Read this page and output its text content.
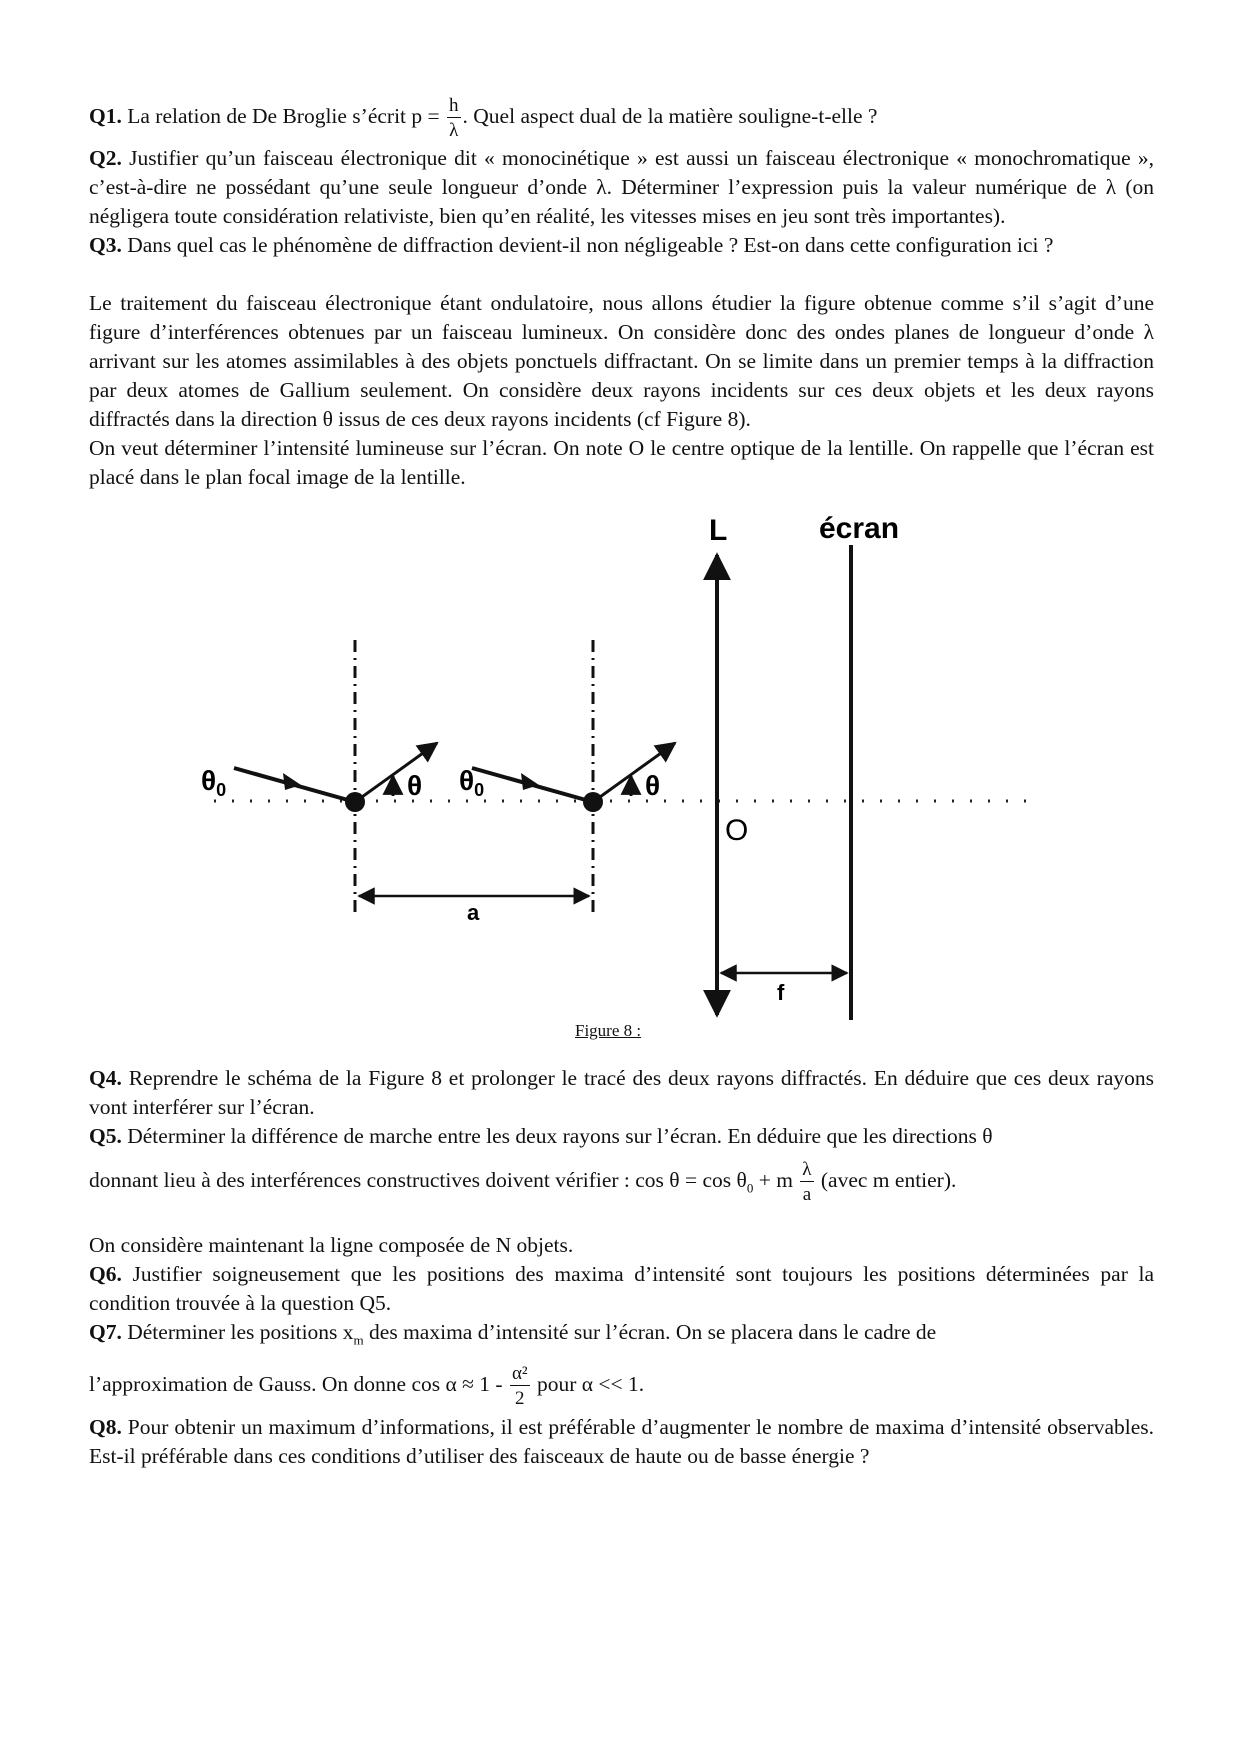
Q1. La relation de De Broglie s’écrit $p = \frac{h}{\lambda}$ . Quel aspect dual de la matière souligne-t-elle ?

Q2. Justifier qu’un faisceau électronique dit « monocinétique » est aussi un faisceau électronique « monochromatique », c’est-à-dire ne possédant qu’une seule longueur d’onde λ. Déterminer l’expression puis la valeur numérique de λ (on négligera toute considération relativiste, bien qu’en réalité, les vitesses mises en jeu sont très importantes).

Q3. Dans quel cas le phénomène de diffraction devient-il non négligeable ? Est-on dans cette configuration ici ?

Le traitement du faisceau électronique étant ondulatoire, nous allons étudier la figure obtenue comme s’il s’agit d’une figure d’interférences obtenues par un faisceau lumineux. On considère donc des ondes planes de longueur d’onde λ arrivant sur les atomes assimilables à des objets ponctuels diffractant. On se limite dans un premier temps à la diffraction par deux atomes de Gallium seulement. On considère deux rayons incidents sur ces deux objets et les deux rayons diffractés dans la direction θ issus de ces deux rayons incidents (cf Figure 8).

On veut déterminer l’intensité lumineuse sur l’écran. On note O le centre optique de la lentille. On rappelle que l’écran est placé dans le plan focal image de la lentille.

$\theta_0$	$\theta_0$
θ	θ
a
L
O
écran
f
Figure 8 :

Q4. Reprendre le schéma de la Figure 8 et prolonger le tracé des deux rayons diffractés. En déduire que ces deux rayons vont interférer sur l’écran.

Q5. Déterminer la différence de marche entre les deux rayons sur l’écran. En déduire que les directions θ

donnant lieu à des interférences constructives doivent vérifier : $\cos \theta = \cos \theta_0 + m \frac{\lambda}{a}$ (avec m entier).

On considère maintenant la ligne composée de N objets.

Q6. Justifier soigneusement que les positions des maxima d’intensité sont toujours les positions déterminées par la condition trouvée à la question Q5.

Q7. Déterminer les positions $x_m$ des maxima d’intensité sur l’écran. On se placera dans le cadre de

l’approximation de Gauss. On donne $\cos \alpha \approx 1 - \frac{\text{α²}}{2}$ pour α << 1.

Q8. Pour obtenir un maximum d’informations, il est préférable d’augmenter le nombre de maxima d’intensité observables. Est-il préférable dans ces conditions d’utiliser des faisceaux de haute ou de basse énergie ?
